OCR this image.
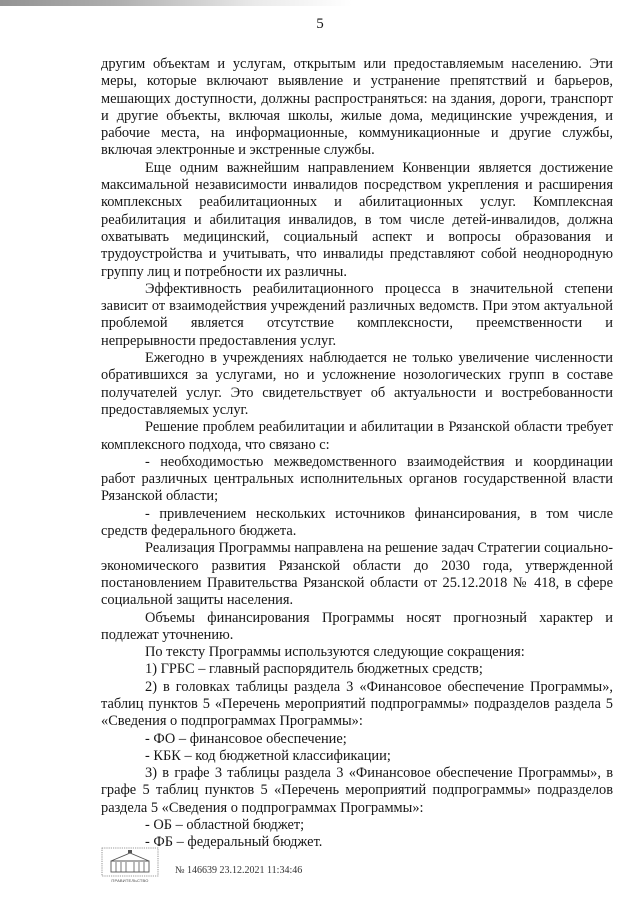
5

другим объектам и услугам, открытым или предоставляемым населению. Эти меры, которые включают выявление и устранение препятствий и барьеров, мешающих доступности, должны распространяться: на здания, дороги, транспорт и другие объекты, включая школы, жилые дома, медицинские учреждения, и рабочие места, на информационные, коммуникационные и другие службы, включая электронные и экстренные службы.

Еще одним важнейшим направлением Конвенции является достижение максимальной независимости инвалидов посредством укрепления и расширения комплексных реабилитационных и абилитационных услуг. Комплексная реабилитация и абилитация инвалидов, в том числе детей-инвалидов, должна охватывать медицинский, социальный аспект и вопросы образования и трудоустройства и учитывать, что инвалиды представляют собой неоднородную группу лиц и потребности их различны.

Эффективность реабилитационного процесса в значительной степени зависит от взаимодействия учреждений различных ведомств. При этом актуальной проблемой является отсутствие комплексности, преемственности и непрерывности предоставления услуг.

Ежегодно в учреждениях наблюдается не только увеличение численности обратившихся за услугами, но и усложнение нозологических групп в составе получателей услуг. Это свидетельствует об актуальности и востребованности предоставляемых услуг.

Решение проблем реабилитации и абилитации в Рязанской области требует комплексного подхода, что связано с:

- необходимостью межведомственного взаимодействия и координации работ различных центральных исполнительных органов государственной власти Рязанской области;

- привлечением нескольких источников финансирования, в том числе средств федерального бюджета.

Реализация Программы направлена на решение задач Стратегии социально-экономического развития Рязанской области до 2030 года, утвержденной постановлением Правительства Рязанской области от 25.12.2018 № 418, в сфере социальной защиты населения.

Объемы финансирования Программы носят прогнозный характер и подлежат уточнению.

По тексту Программы используются следующие сокращения:

1) ГРБС – главный распорядитель бюджетных средств;

2) в головках таблицы раздела 3 «Финансовое обеспечение Программы», таблиц пунктов 5 «Перечень мероприятий подпрограммы» подразделов раздела 5 «Сведения о подпрограммах Программы»:

- ФО – финансовое обеспечение;

- КБК – код бюджетной классификации;

3) в графе 3 таблицы раздела 3 «Финансовое обеспечение Программы», в графе 5 таблиц пунктов 5 «Перечень мероприятий подпрограммы» подразделов раздела 5 «Сведения о подпрограммах Программы»:

- ОБ – областной бюджет;

- ФБ – федеральный бюджет.

ПРАВИТЕЛЬСТВО
№ 146639 23.12.2021 11:34:46
